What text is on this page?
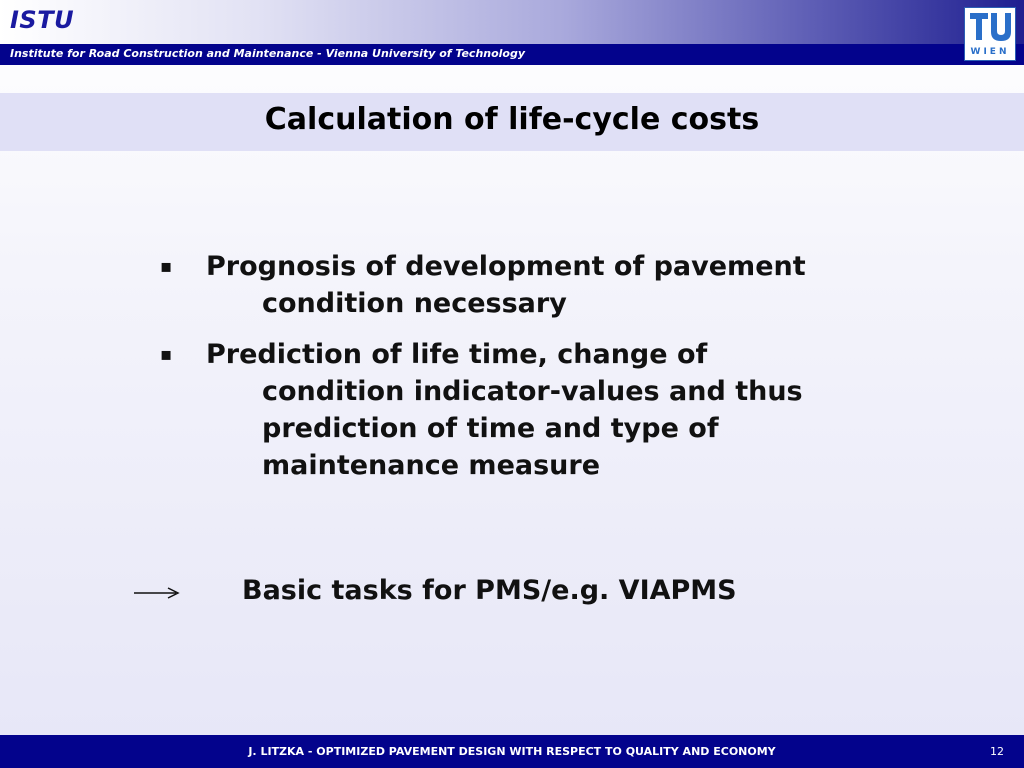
ISTU
Institute for Road Construction and Maintenance - Vienna University of Technology	WIEN
Calculation of life-cycle costs
▪ Prognosis of development of pavement
condition necessary
▪ Prediction of life time, change of
condition indicator-values and thus
prediction of time and type of
maintenance measure
Basic tasks for PMS/e.g. VIAPMS
J. LITZKA - OPTIMIZED PAVEMENT DESIGN WITH RESPECT TO QUALITY AND ECONOMY	12
